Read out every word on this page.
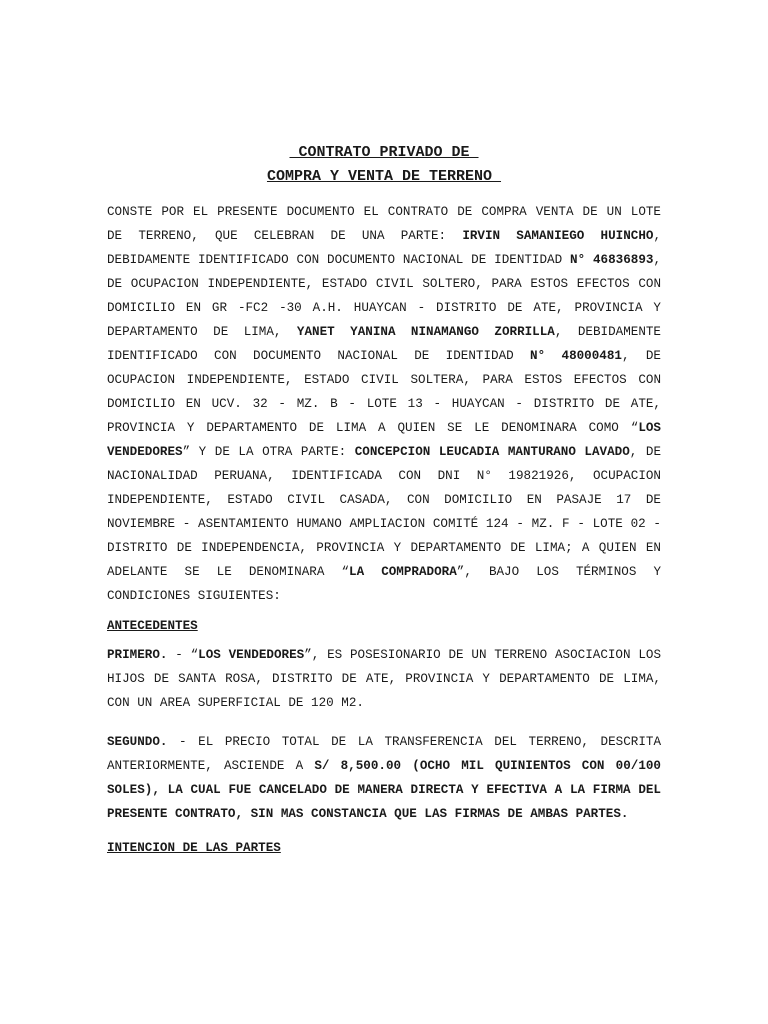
CONTRATO PRIVADO DE

COMPRA Y VENTA DE TERRENO

CONSTE POR EL PRESENTE DOCUMENTO EL CONTRATO DE COMPRA VENTA DE UN LOTE DE TERRENO, QUE CELEBRAN DE UNA PARTE: IRVIN SAMANIEGO HUINCHO, DEBIDAMENTE IDENTIFICADO CON DOCUMENTO NACIONAL DE IDENTIDAD N° 46836893, DE OCUPACION INDEPENDIENTE, ESTADO CIVIL SOLTERO, PARA ESTOS EFECTOS CON DOMICILIO EN GR -FC2 -30 A.H. HUAYCAN - DISTRITO DE ATE, PROVINCIA Y DEPARTAMENTO DE LIMA, YANET YANINA NINAMANGO ZORRILLA, DEBIDAMENTE IDENTIFICADO CON DOCUMENTO NACIONAL DE IDENTIDAD N° 48000481, DE OCUPACION INDEPENDIENTE, ESTADO CIVIL SOLTERA, PARA ESTOS EFECTOS CON DOMICILIO EN UCV. 32 - MZ. B - LOTE 13 - HUAYCAN - DISTRITO DE ATE, PROVINCIA Y DEPARTAMENTO DE LIMA A QUIEN SE LE DENOMINARA COMO “LOS VENDEDORES” Y DE LA OTRA PARTE: CONCEPCION LEUCADIA MANTURANO LAVADO, DE NACIONALIDAD PERUANA, IDENTIFICADA CON DNI N° 19821926, OCUPACION INDEPENDIENTE, ESTADO CIVIL CASADA, CON DOMICILIO EN PASAJE 17 DE NOVIEMBRE - ASENTAMIENTO HUMANO AMPLIACION COMITÉ 124 - MZ. F - LOTE 02 - DISTRITO DE INDEPENDENCIA, PROVINCIA Y DEPARTAMENTO DE LIMA; A QUIEN EN ADELANTE SE LE DENOMINARA “LA COMPRADORA”, BAJO LOS TÉRMINOS Y CONDICIONES SIGUIENTES:

ANTECEDENTES

PRIMERO. - “LOS VENDEDORES”, ES POSESIONARIO DE UN TERRENO ASOCIACION LOS HIJOS DE SANTA ROSA, DISTRITO DE ATE, PROVINCIA Y DEPARTAMENTO DE LIMA, CON UN AREA SUPERFICIAL DE 120 M2.

SEGUNDO. - EL PRECIO TOTAL DE LA TRANSFERENCIA DEL TERRENO, DESCRITA ANTERIORMENTE, ASCIENDE A S/ 8,500.00 (OCHO MIL QUINIENTOS CON 00/100 SOLES), LA CUAL FUE CANCELADO DE MANERA DIRECTA Y EFECTIVA A LA FIRMA DEL PRESENTE CONTRATO, SIN MAS CONSTANCIA QUE LAS FIRMAS DE AMBAS PARTES.

INTENCION DE LAS PARTES
